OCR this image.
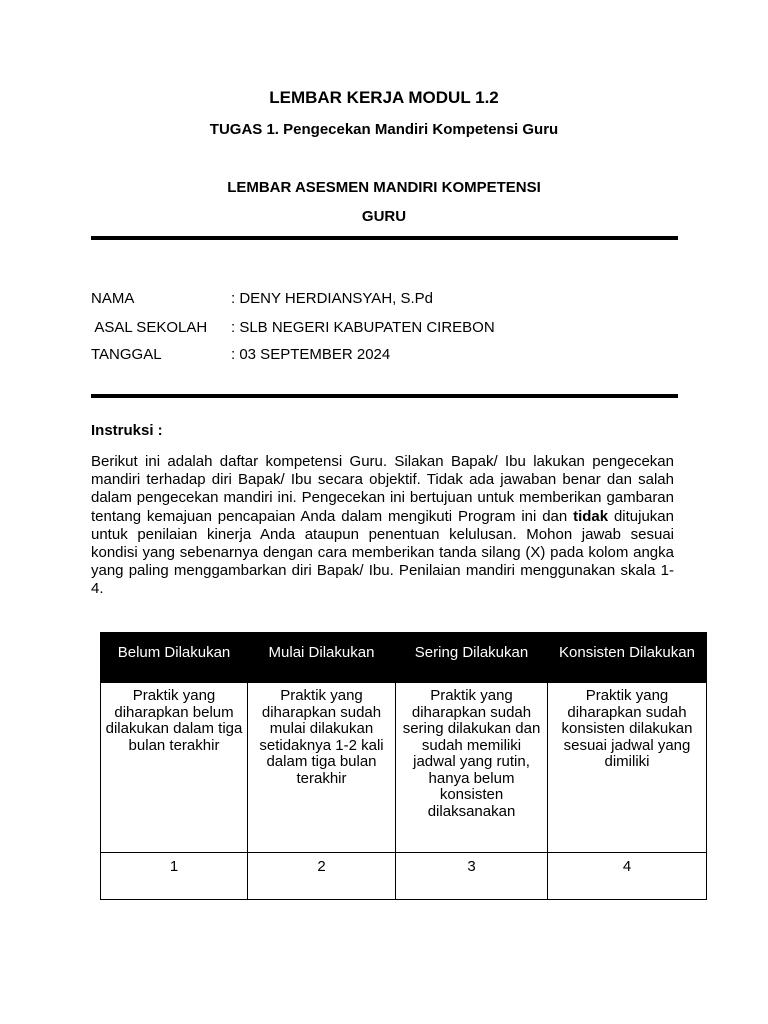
LEMBAR KERJA MODUL 1.2
TUGAS 1. Pengecekan Mandiri Kompetensi Guru
LEMBAR ASESMEN MANDIRI KOMPETENSI
GURU
NAMA	: DENY HERDIANSYAH, S.Pd
ASAL SEKOLAH : SLB NEGERI KABUPATEN CIREBON
TANGGAL	: 03 SEPTEMBER 2024
Instruksi :
Berikut ini adalah daftar kompetensi Guru. Silakan Bapak/ Ibu lakukan pengecekan mandiri terhadap diri Bapak/ Ibu secara objektif. Tidak ada jawaban benar dan salah dalam pengecekan mandiri ini. Pengecekan ini bertujuan untuk memberikan gambaran tentang kemajuan pencapaian Anda dalam mengikuti Program ini dan tidak ditujukan untuk penilaian kinerja Anda ataupun penentuan kelulusan. Mohon jawab sesuai kondisi yang sebenarnya dengan cara memberikan tanda silang (X) pada kolom angka yang paling menggambarkan diri Bapak/ Ibu. Penilaian mandiri menggunakan skala 1-4.
Belum Dilakukan	Mulai Dilakukan	Sering Dilakukan	Konsisten Dilakukan
Praktik yang diharapkan belum dilakukan dalam tiga bulan terakhir	Praktik yang diharapkan sudah mulai dilakukan setidaknya 1-2 kali dalam tiga bulan terakhir	Praktik yang diharapkan sudah sering dilakukan dan sudah memiliki jadwal yang rutin, hanya belum konsisten dilaksanakan	Praktik yang diharapkan sudah konsisten dilakukan sesuai jadwal yang dimiliki
1	2	3	4
